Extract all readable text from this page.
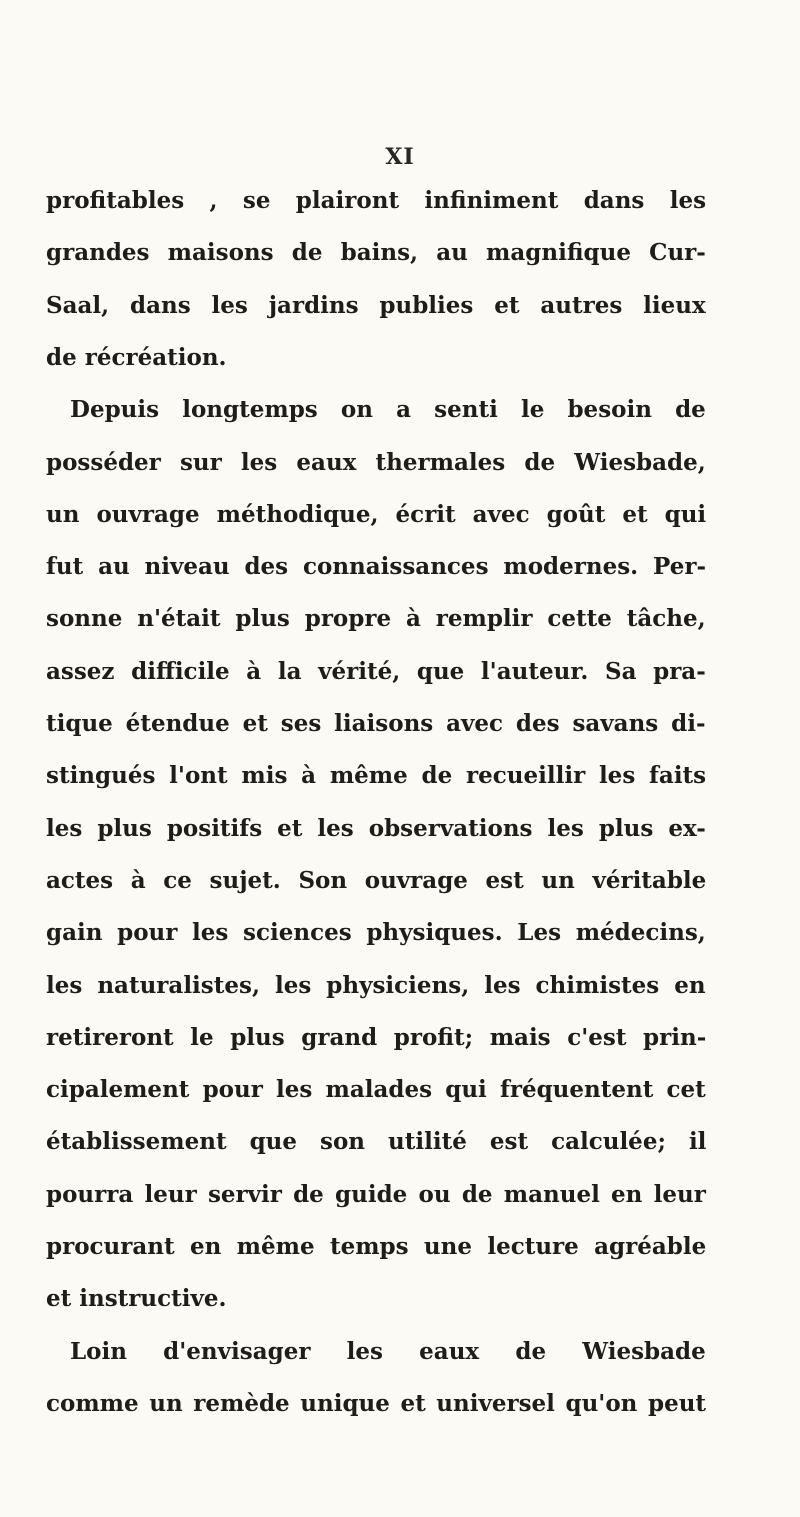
XI
profitables , se plairont infiniment dans les
grandes maisons de bains, au magnifique Cur-
Saal, dans les jardins publies et autres lieux
de récréation.
Depuis longtemps on a senti le besoin de
posséder sur les eaux thermales de Wiesbade,
un ouvrage méthodique, écrit avec goût et qui
fut au niveau des connaissances modernes. Per-
sonne n'était plus propre à remplir cette tâche,
assez difficile à la vérité, que l'auteur. Sa pra-
tique étendue et ses liaisons avec des savans di-
stingués l'ont mis à même de recueillir les faits
les plus positifs et les observations les plus ex-
actes à ce sujet. Son ouvrage est un véritable
gain pour les sciences physiques. Les médecins,
les naturalistes, les physiciens, les chimistes en
retireront le plus grand profit; mais c'est prin-
cipalement pour les malades qui fréquentent cet
établissement que son utilité est calculée; il
pourra leur servir de guide ou de manuel en leur
procurant en même temps une lecture agréable
et instructive.
Loin d'envisager les eaux de Wiesbade
comme un remède unique et universel qu'on peut
